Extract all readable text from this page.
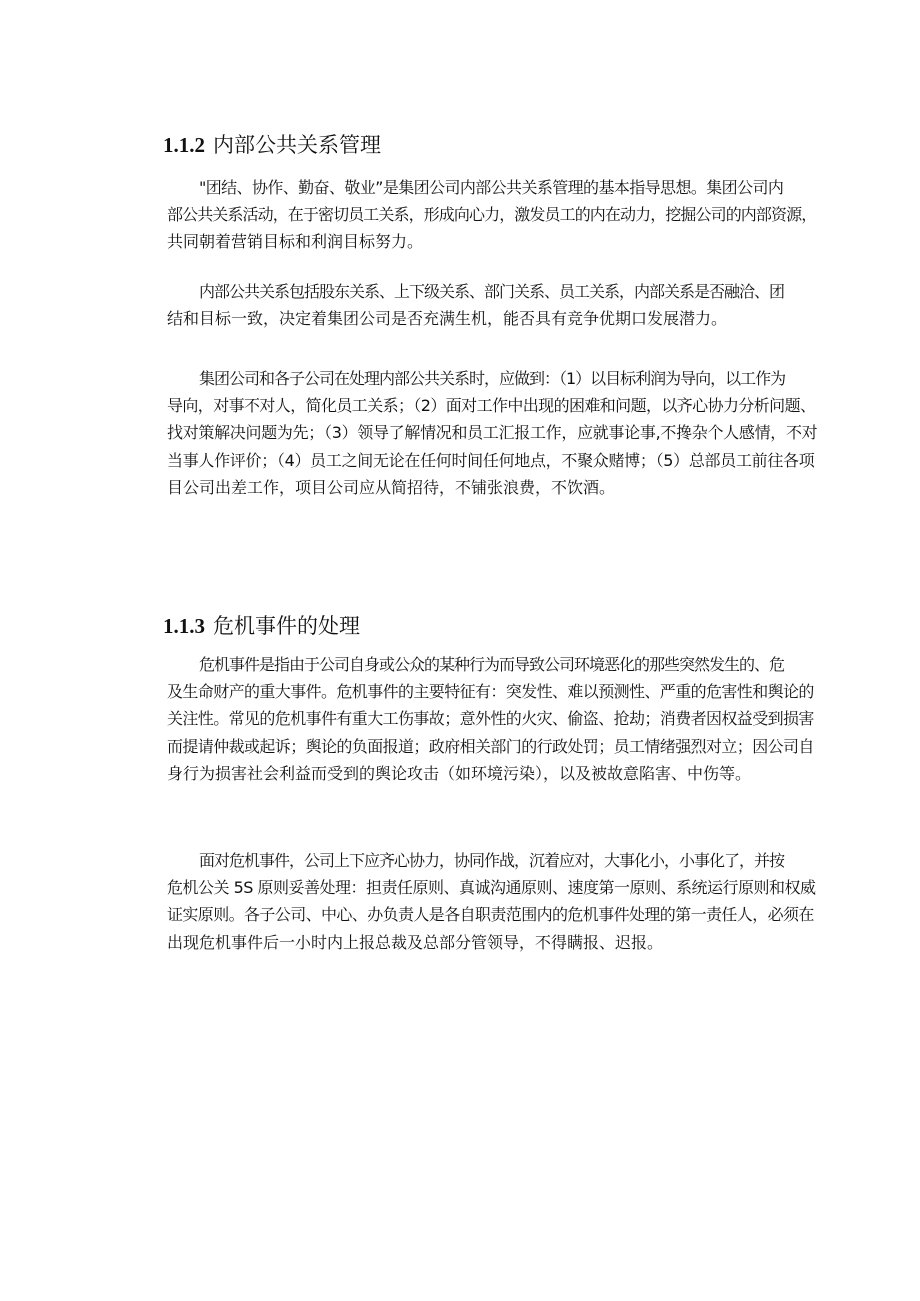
1.1.2 内部公共关系管理

"团结、协作、勤奋、敬业”是集团公司内部公共关系管理的基本指导思想。集团公司内
部公共关系活动，在于密切员工关系，形成向心力，激发员工的内在动力，挖掘公司的内部资源，
共同朝着营销目标和利润目标努力。

内部公共关系包括股东关系、上下级关系、部门关系、员工关系，内部关系是否融洽、团
结和目标一致，决定着集团公司是否充满生机，能否具有竞争优期口发展潜力。

集团公司和各子公司在处理内部公共关系时，应做到：（1）以目标利润为导向，以工作为
导向，对事不对人，简化员工关系；（2）面对工作中出现的困难和问题，以齐心协力分析问题、
找对策解决问题为先；（3）领导了解情况和员工汇报工作，应就事论事,不搀杂个人感情，不对
当事人作评价；（4）员工之间无论在任何时间任何地点，不聚众赌博；（5）总部员工前往各项
目公司出差工作，项目公司应从简招待，不铺张浪费，不饮酒。

1.1.3 危机事件的处理

危机事件是指由于公司自身或公众的某种行为而导致公司环境恶化的那些突然发生的、危
及生命财产的重大事件。危机事件的主要特征有：突发性、难以预测性、严重的危害性和舆论的
关注性。常见的危机事件有重大工伤事故；意外性的火灾、偷盗、抢劫；消费者因权益受到损害
而提请仲裁或起诉；舆论的负面报道；政府相关部门的行政处罚；员工情绪强烈对立；因公司自
身行为损害社会利益而受到的舆论攻击（如环境污染），以及被故意陷害、中伤等。

面对危机事件，公司上下应齐心协力，协同作战，沉着应对，大事化小，小事化了，并按
危机公关 5S 原则妥善处理：担责任原则、真诚沟通原则、速度第一原则、系统运行原则和权威
证实原则。各子公司、中心、办负责人是各自职责范围内的危机事件处理的第一责任人，必须在
出现危机事件后一小时内上报总裁及总部分管领导，不得瞒报、迟报。
